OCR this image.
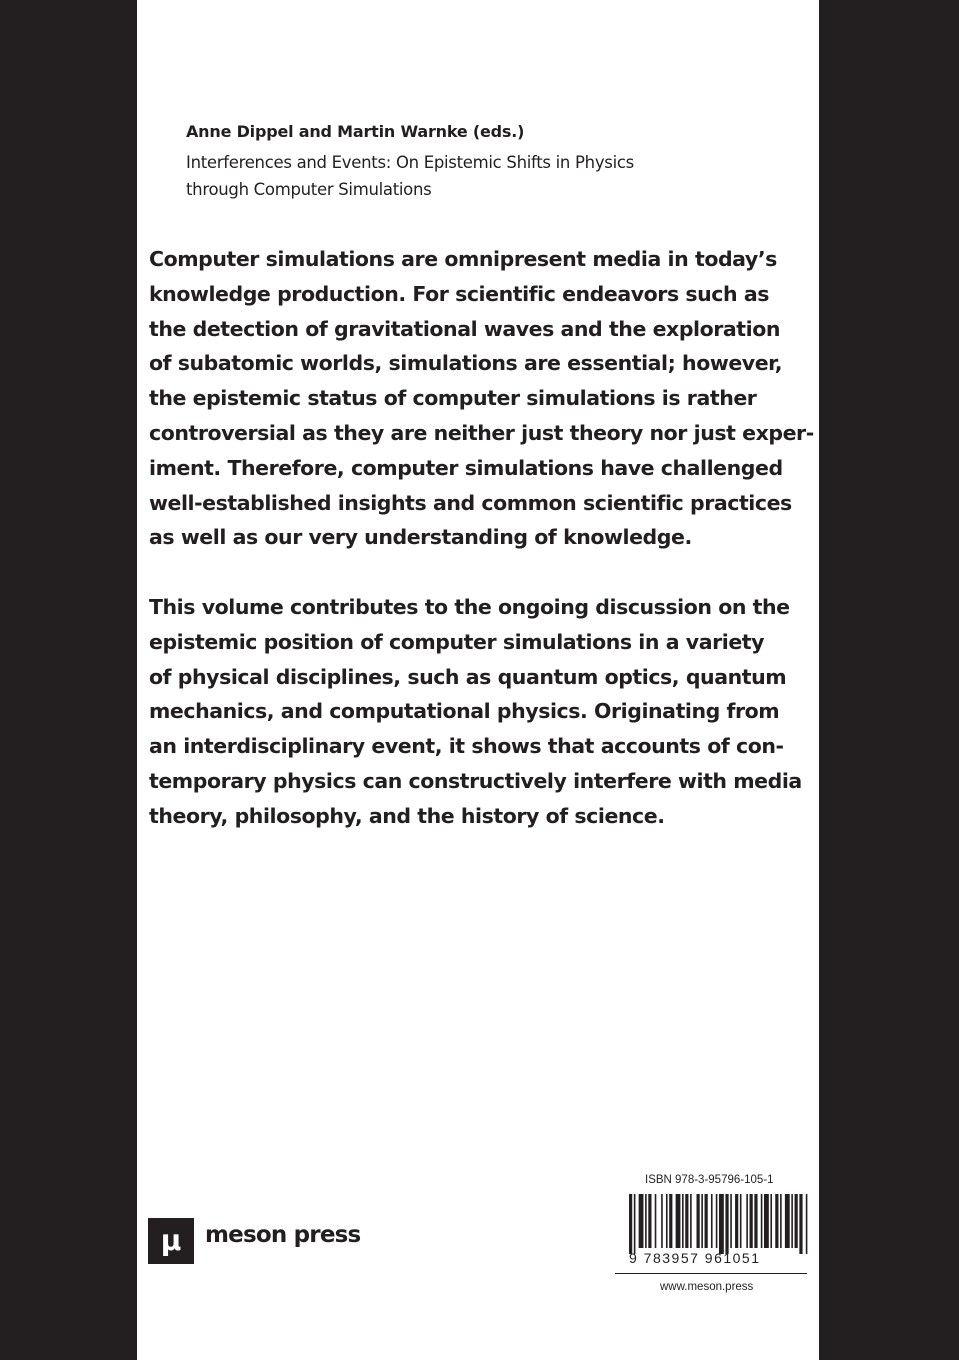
Anne Dippel and Martin Warnke (eds.)
Interferences and Events: On Epistemic Shifts in Physics
through Computer Simulations
Computer simulations are omnipresent media in today’s
knowledge production. For scientific endeavors such as
the detection of gravitational waves and the exploration
of subatomic worlds, simulations are essential; however,
the epistemic status of computer simulations is rather
controversial as they are neither just theory nor just exper-
iment. Therefore, computer simulations have challenged
well-established insights and common scientific practices
as well as our very understanding of knowledge.
This volume contributes to the ongoing discussion on the
epistemic position of computer simulations in a variety
of physical disciplines, such as quantum optics, quantum
mechanics, and computational physics. Originating from
an interdisciplinary event, it shows that accounts of con-
temporary physics can constructively interfere with media
theory, philosophy, and the history of science.
μ	meson press
ISBN 978-3-95796-105-1
9 783957 961051
www.meson.press
